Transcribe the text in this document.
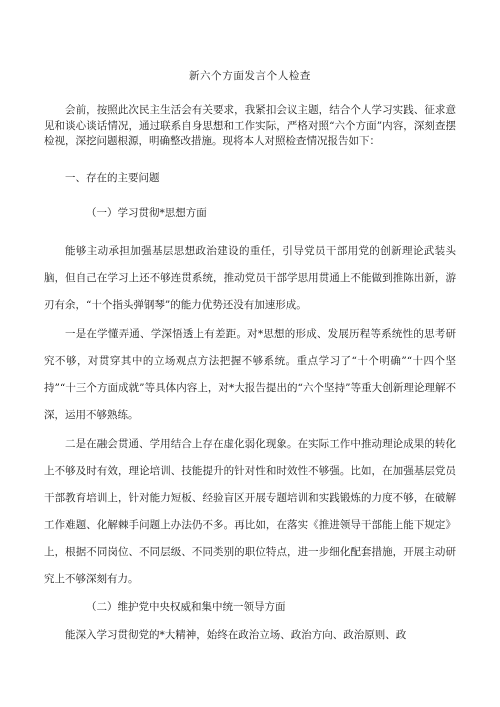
新六个方面发言个人检查

会前，按照此次民主生活会有关要求，我紧扣会议主题，结合个人学习实践、征求意见和谈心谈话情况，通过联系自身思想和工作实际，严格对照“六个方面”内容，深刻查摆检视，深挖问题根源，明确整改措施。现将本人对照检查情况报告如下：

一、存在的主要问题

（一）学习贯彻*思想方面

能够主动承担加强基层思想政治建设的重任，引导党员干部用党的创新理论武装头脑，但自己在学习上还不够连贯系统，推动党员干部学思用贯通上不能做到推陈出新，游刃有余，“十个指头弹钢琴”的能力优势还没有加速形成。

一是在学懂弄通、学深悟透上有差距。对*思想的形成、发展历程等系统性的思考研究不够，对贯穿其中的立场观点方法把握不够系统。重点学习了“十个明确”“十四个坚持”“十三个方面成就”等具体内容上，对*大报告提出的“六个坚持”等重大创新理论理解不深，运用不够熟练。

二是在融会贯通、学用结合上存在虚化弱化现象。在实际工作中推动理论成果的转化上不够及时有效，理论培训、技能提升的针对性和时效性不够强。比如，在加强基层党员干部教育培训上，针对能力短板、经验盲区开展专题培训和实践锻炼的力度不够，在破解工作难题、化解棘手问题上办法仍不多。再比如，在落实《推进领导干部能上能下规定》上，根据不同岗位、不同层级、不同类别的职位特点，进一步细化配套措施，开展主动研究上不够深刻有力。

（二）维护党中央权威和集中统一领导方面

能深入学习贯彻党的*大精神，始终在政治立场、政治方向、政治原则、政
